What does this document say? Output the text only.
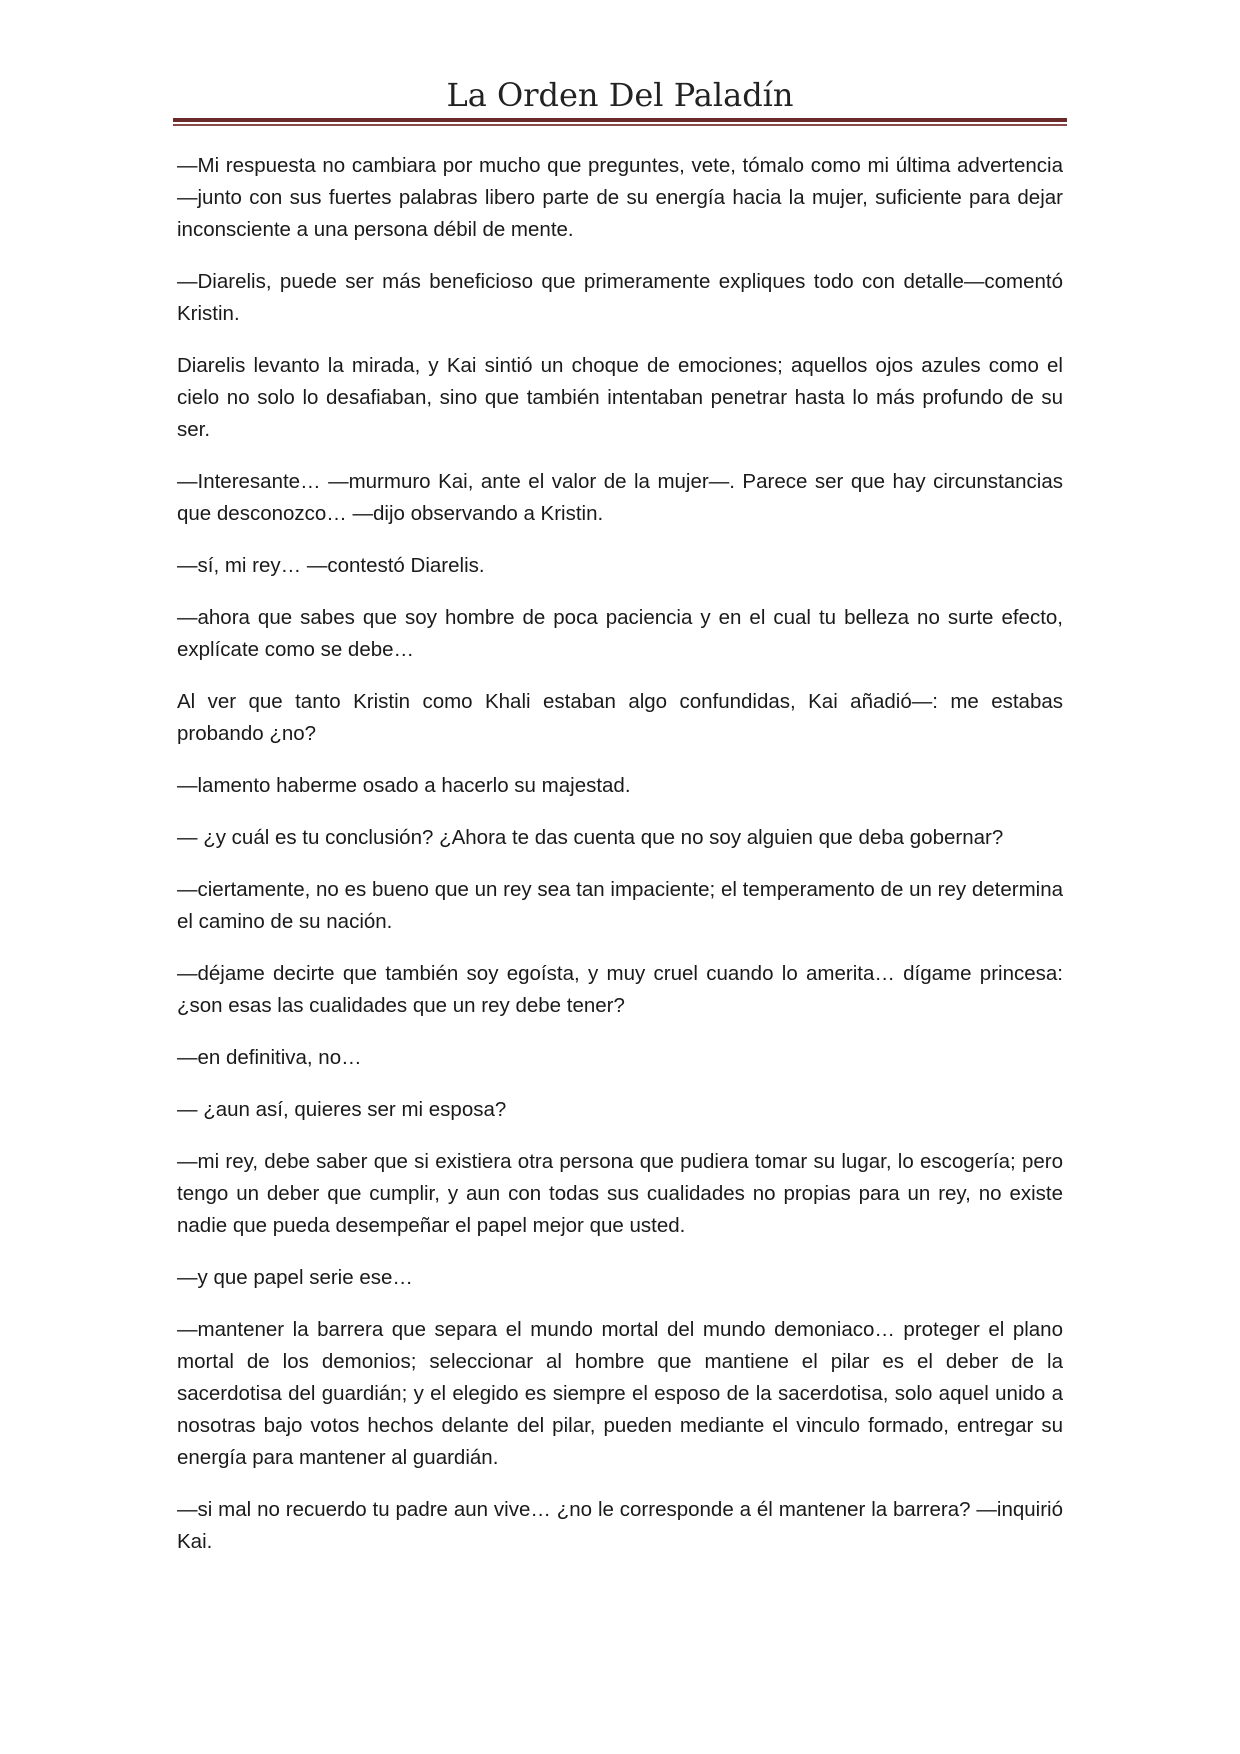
La Orden Del Paladín

—Mi respuesta no cambiara por mucho que preguntes, vete, tómalo como mi última advertencia —junto con sus fuertes palabras libero parte de su energía hacia la mujer, suficiente para dejar inconsciente a una persona débil de mente.

—Diarelis, puede ser más beneficioso que primeramente expliques todo con detalle—comentó Kristin.

Diarelis levanto la mirada, y Kai sintió un choque de emociones; aquellos ojos azules como el cielo no solo lo desafiaban, sino que también intentaban penetrar hasta lo más profundo de su ser.

—Interesante… —murmuro Kai, ante el valor de la mujer—. Parece ser que hay circunstancias que desconozco… —dijo observando a Kristin.

—sí, mi rey… —contestó Diarelis.

—ahora que sabes que soy hombre de poca paciencia y en el cual tu belleza no surte efecto, explícate como se debe…

Al ver que tanto Kristin como Khali estaban algo confundidas, Kai añadió—: me estabas probando ¿no?

—lamento haberme osado a hacerlo su majestad.

— ¿y cuál es tu conclusión? ¿Ahora te das cuenta que no soy alguien que deba gobernar?

—ciertamente, no es bueno que un rey sea tan impaciente; el temperamento de un rey determina el camino de su nación.

—déjame decirte que también soy egoísta, y muy cruel cuando lo amerita… dígame princesa: ¿son esas las cualidades que un rey debe tener?

—en definitiva, no…

— ¿aun así, quieres ser mi esposa?

—mi rey, debe saber que si existiera otra persona que pudiera tomar su lugar, lo escogería; pero tengo un deber que cumplir, y aun con todas sus cualidades no propias para un rey, no existe nadie que pueda desempeñar el papel mejor que usted.

—y que papel serie ese…

—mantener la barrera que separa el mundo mortal del mundo demoniaco… proteger el plano mortal de los demonios; seleccionar al hombre que mantiene el pilar es el deber de la sacerdotisa del guardián; y el elegido es siempre el esposo de la sacerdotisa, solo aquel unido a nosotras bajo votos hechos delante del pilar, pueden mediante el vinculo formado, entregar su energía para mantener al guardián.

—si mal no recuerdo tu padre aun vive… ¿no le corresponde a él mantener la barrera? —inquirió Kai.
